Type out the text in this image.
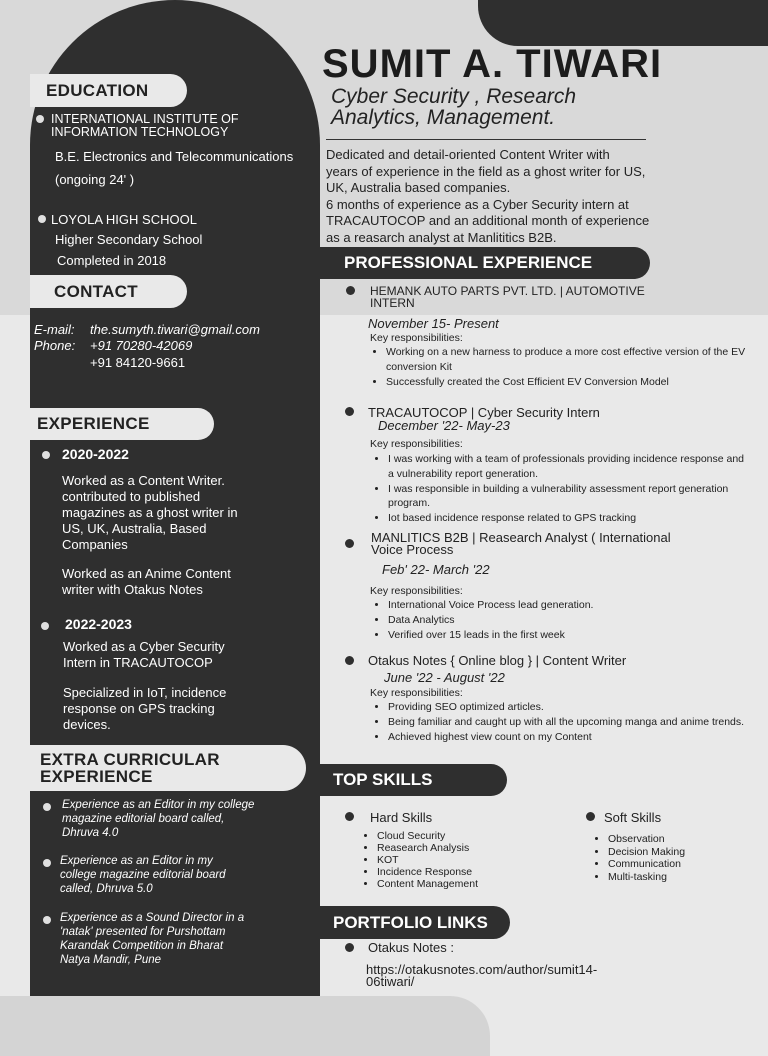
SUMIT A. TIWARI
Cyber Security , Research
Analytics, Management.
Dedicated and detail-oriented Content Writer with
years of experience in the field as a ghost writer for US,
UK, Australia based companies.
6 months of experience as a Cyber Security intern at
TRACAUTOCOP and an additional month of experience
as a reasarch analyst at Manlititics B2B.
EDUCATION
INTERNATIONAL INSTITUTE OF
INFORMATION TECHNOLOGY
B.E. Electronics and Telecommunications
(ongoing 24' )
LOYOLA HIGH SCHOOL
Higher Secondary School
Completed in 2018
CONTACT
E-mail: the.sumyth.tiwari@gmail.com
Phone: +91 70280-42069
+91 84120-9661
EXPERIENCE
2020-2022
Worked as a Content Writer.
contributed to published
magazines as a ghost writer in
US, UK, Australia, Based
Companies
Worked as an Anime Content
writer with Otakus Notes
2022-2023
Worked as a Cyber Security
Intern in TRACAUTOCOP
Specialized in IoT, incidence
response on GPS tracking
devices.
EXTRA CURRICULAR
EXPERIENCE
Experience as an Editor in my college
magazine editorial board called,
Dhruva 4.0
Experience as an Editor in my
college magazine editorial board
called, Dhruva 5.0
Experience as a Sound Director in a
'natak' presented for Purshottam
Karandak Competition in Bharat
Natya Mandir, Pune
PROFESSIONAL EXPERIENCE
HEMANK AUTO PARTS PVT. LTD. | AUTOMOTIVE
INTERN
November 15- Present
Key responsibilities:
• Working on a new harness to produce a more cost effective version of the EV conversion Kit
• Successfully created the Cost Efficient EV Conversion Model
TRACAUTOCOP | Cyber Security Intern
December '22- May-23
Key responsibilities:
• I was working with a team of professionals providing incidence response and a vulnerability report generation.
• I was responsible in building a vulnerability assessment report generation program.
• Iot based incidence response related to GPS tracking
MANLITICS B2B | Reasearch Analyst ( International
Voice Process
Feb' 22- March '22
Key responsibilities:
• International Voice Process lead generation.
• Data Analytics
• Verified over 15 leads in the first week
Otakus Notes { Online blog } | Content Writer
June '22 - August '22
Key responsibilities:
• Providing SEO optimized articles.
• Being familiar and caught up with all the upcoming manga and anime trends.
• Achieved highest view count on my Content
TOP SKILLS
Hard Skills
• Cloud Security
• Reasearch Analysis
• KOT
• Incidence Response
• Content Management
Soft Skills
• Observation
• Decision Making
• Communication
• Multi-tasking
PORTFOLIO LINKS
Otakus Notes :
https://otakusnotes.com/author/sumit14-
06tiwari/
